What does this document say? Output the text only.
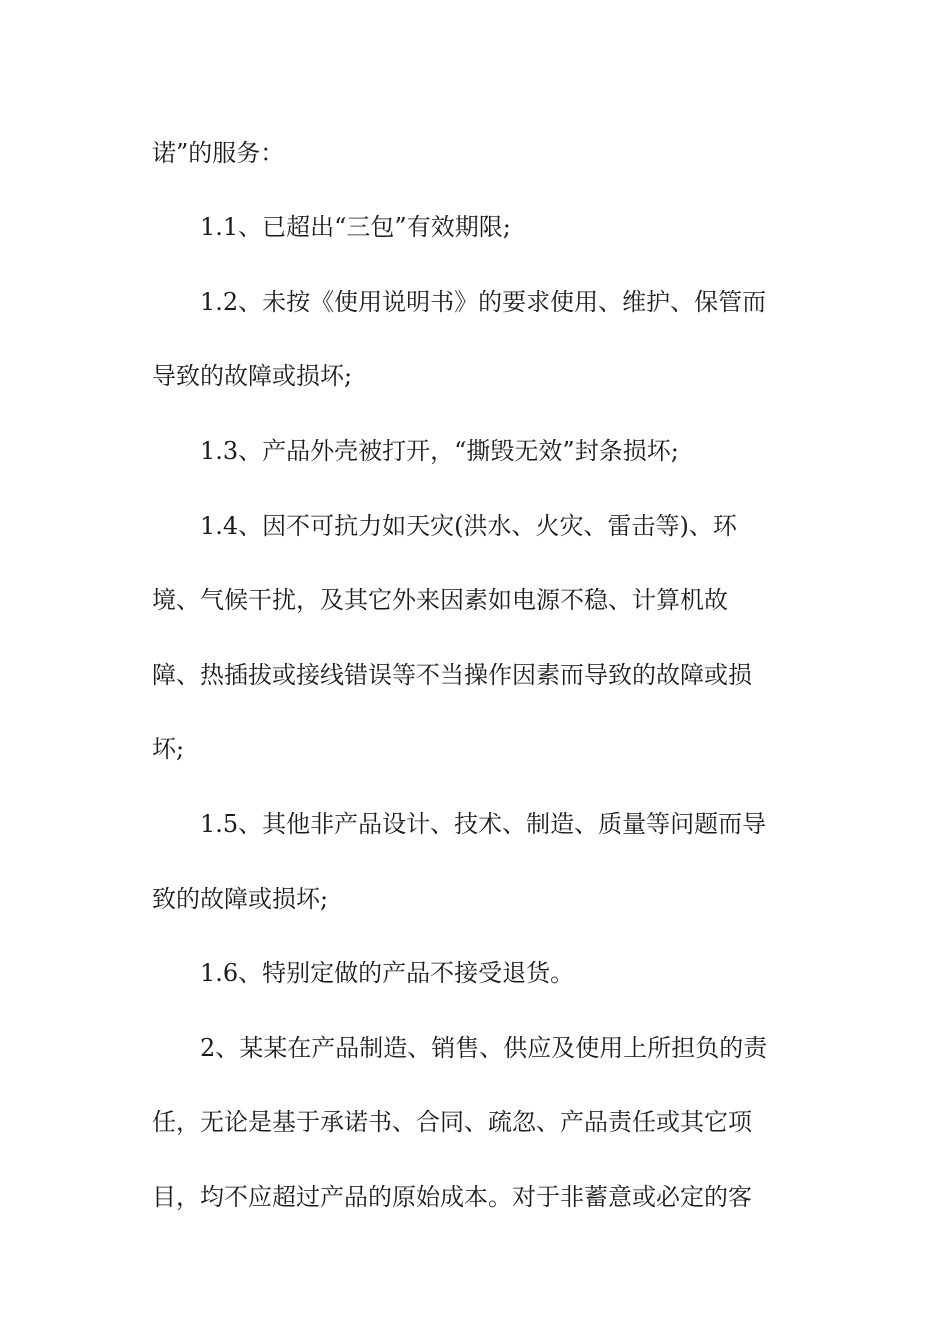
诺”的服务：
1.1、已超出“三包”有效期限;
1.2、未按《使用说明书》的要求使用、维护、保管而
导致的故障或损坏;
1.3、产品外壳被打开，“撕毁无效”封条损坏;
1.4、因不可抗力如天灾(洪水、火灾、雷击等)、环
境、气候干扰，及其它外来因素如电源不稳、计算机故
障、热插拔或接线错误等不当操作因素而导致的故障或损
坏;
1.5、其他非产品设计、技术、制造、质量等问题而导
致的故障或损坏;
1.6、特别定做的产品不接受退货。
2、某某在产品制造、销售、供应及使用上所担负的责
任，无论是基于承诺书、合同、疏忽、产品责任或其它项
目，均不应超过产品的原始成本。对于非蓄意或必定的客
